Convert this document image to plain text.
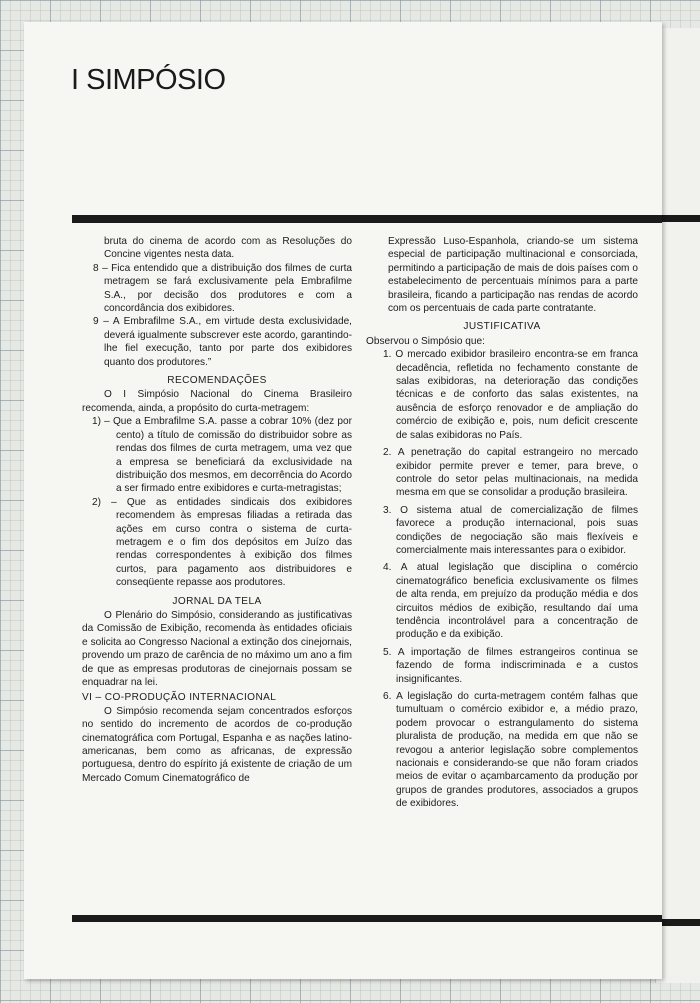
I SIMPÓSIO

bruta do cinema de acordo com as Resoluções do Concine vigentes nesta data.

8 – Fica entendido que a distribuição dos filmes de curta metragem se fará exclusivamente pela Embrafilme S.A., por decisão dos produtores e com a concordância dos exibidores.

9 – A Embrafilme S.A., em virtude desta exclusividade, deverá igualmente subscrever este acordo, garantindo-lhe fiel execução, tanto por parte dos exibidores quanto dos produtores.”

RECOMENDAÇÕES

O I Simpósio Nacional do Cinema Brasileiro recomenda, ainda, a propósito do curta-metragem:

1) – Que a Embrafilme S.A. passe a cobrar 10% (dez por cento) a título de comissão do distribuidor sobre as rendas dos filmes de curta metragem, uma vez que a empresa se beneficiará da exclusividade na distribuição dos mesmos, em decorrência do Acordo a ser firmado entre exibidores e curta-metragistas;

2) – Que as entidades sindicais dos exibidores recomendem às empresas filiadas a retirada das ações em curso contra o sistema de curta-metragem e o fim dos depósitos em Juízo das rendas correspondentes à exibição dos filmes curtos, para pagamento aos distribuidores e conseqüente repasse aos produtores.

JORNAL DA TELA

O Plenário do Simpósio, considerando as justificativas da Comissão de Exibição, recomenda às entidades oficiais e solicita ao Congresso Nacional a extinção dos cinejornais, provendo um prazo de carência de no máximo um ano a fim de que as empresas produtoras de cinejornais possam se enquadrar na lei.

VI – CO-PRODUÇÃO INTERNACIONAL

O Simpósio recomenda sejam concentrados esforços no sentido do incremento de acordos de co-produção cinematográfica com Portugal, Espanha e as nações latino-americanas, bem como as africanas, de expressão portuguesa, dentro do espírito já existente de criação de um Mercado Comum Cinematográfico de

Expressão Luso-Espanhola, criando-se um sistema especial de participação multinacional e consorciada, permitindo a participação de mais de dois países com o estabelecimento de percentuais mínimos para a parte brasileira, ficando a participação nas rendas de acordo com os percentuais de cada parte contratante.

JUSTIFICATIVA

Observou o Simpósio que:

1. O mercado exibidor brasileiro encontra-se em franca decadência, refletida no fechamento constante de salas exibidoras, na deterioração das condições técnicas e de conforto das salas existentes, na ausência de esforço renovador e de ampliação do comércio de exibição e, pois, num deficit crescente de salas exibidoras no País.

2. A penetração do capital estrangeiro no mercado exibidor permite prever e temer, para breve, o controle do setor pelas multinacionais, na medida mesma em que se consolidar a produção brasileira.

3. O sistema atual de comercialização de filmes favorece a produção internacional, pois suas condições de negociação são mais flexíveis e comercialmente mais interessantes para o exibidor.

4. A atual legislação que disciplina o comércio cinematográfico beneficia exclusivamente os filmes de alta renda, em prejuízo da produção média e dos circuitos médios de exibição, resultando daí uma tendência incontrolável para a concentração de produção e da exibição.

5. A importação de filmes estrangeiros continua se fazendo de forma indiscriminada e a custos insignificantes.

6. A legislação do curta-metragem contém falhas que tumultuam o comércio exibidor e, a médio prazo, podem provocar o estrangulamento do sistema pluralista de produção, na medida em que não se revogou a anterior legislação sobre complementos nacionais e considerando-se que não foram criados meios de evitar o açambarcamento da produção por grupos de grandes produtores, associados a grupos de exibidores.
